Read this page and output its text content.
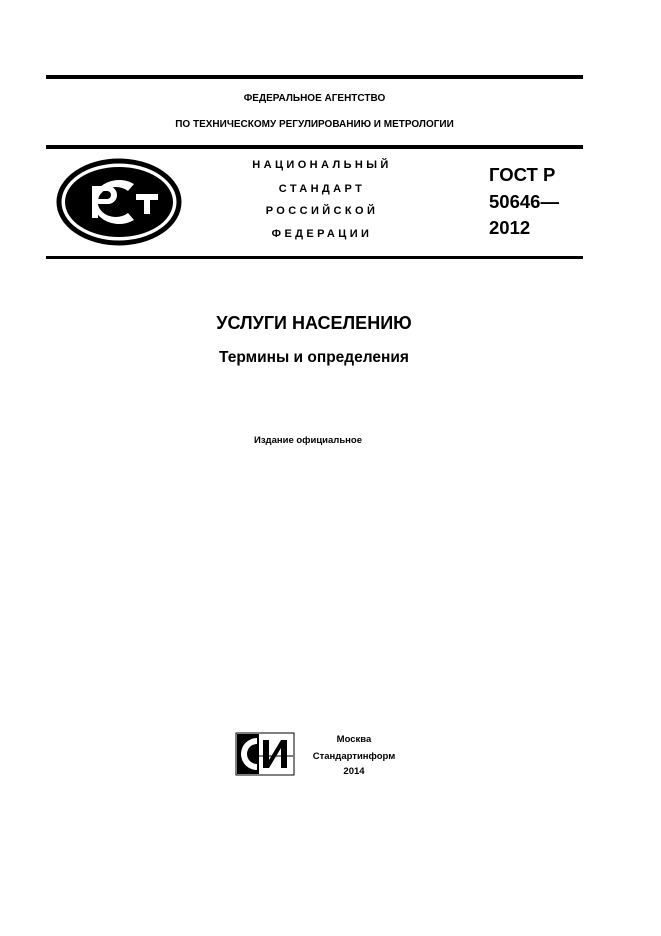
ФЕДЕРАЛЬНОЕ АГЕНТСТВО
ПО ТЕХНИЧЕСКОМУ РЕГУЛИРОВАНИЮ И МЕТРОЛОГИИ
НАЦИОНАЛЬНЫЙ
СТАНДАРТ
РОССИЙСКОЙ
ФЕДЕРАЦИИ
ГОСТ Р
50646—
2012
УСЛУГИ НАСЕЛЕНИЮ
Термины и определения
Издание официальное
Москва
Стандартинформ
2014
